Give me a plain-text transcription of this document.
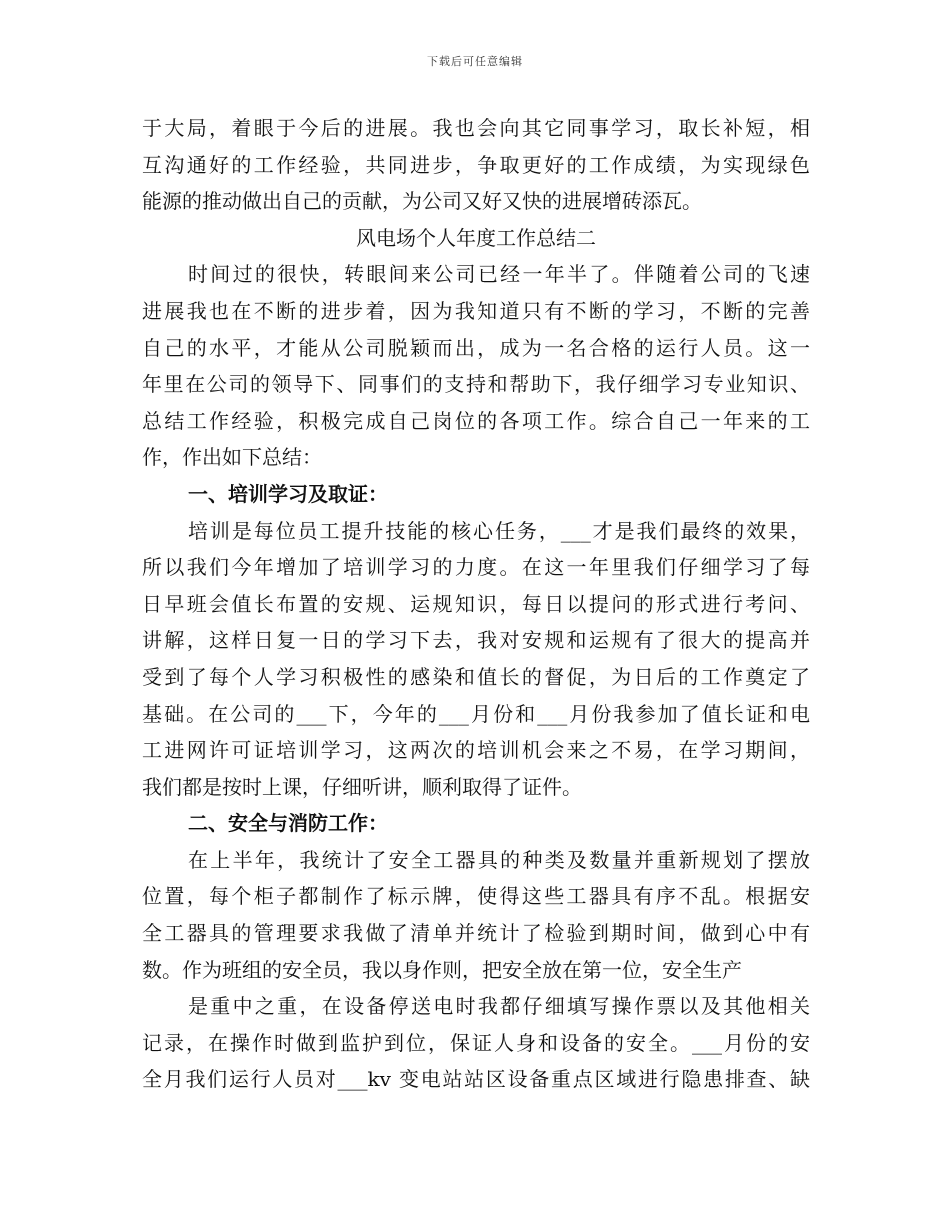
下载后可任意编辑
于大局，着眼于今后的进展。我也会向其它同事学习，取长补短，相
互沟通好的工作经验，共同进步，争取更好的工作成绩，为实现绿色
能源的推动做出自己的贡献，为公司又好又快的进展增砖添瓦。
风电场个人年度工作总结二
时间过的很快，转眼间来公司已经一年半了。伴随着公司的飞速
进展我也在不断的进步着，因为我知道只有不断的学习，不断的完善
自己的水平，才能从公司脱颖而出，成为一名合格的运行人员。这一
年里在公司的领导下、同事们的支持和帮助下，我仔细学习专业知识、
总结工作经验，积极完成自己岗位的各项工作。综合自己一年来的工
作，作出如下总结：
一、培训学习及取证：
培训是每位员工提升技能的核心任务，___才是我们最终的效果，
所以我们今年增加了培训学习的力度。在这一年里我们仔细学习了每
日早班会值长布置的安规、运规知识，每日以提问的形式进行考问、
讲解，这样日复一日的学习下去，我对安规和运规有了很大的提高并
受到了每个人学习积极性的感染和值长的督促，为日后的工作奠定了
基础。在公司的___下，今年的___月份和___月份我参加了值长证和电
工进网许可证培训学习，这两次的培训机会来之不易，在学习期间，
我们都是按时上课，仔细听讲，顺利取得了证件。
二、安全与消防工作：
在上半年，我统计了安全工器具的种类及数量并重新规划了摆放
位置，每个柜子都制作了标示牌，使得这些工器具有序不乱。根据安
全工器具的管理要求我做了清单并统计了检验到期时间，做到心中有
数。作为班组的安全员，我以身作则，把安全放在第一位，安全生产
是重中之重，在设备停送电时我都仔细填写操作票以及其他相关
记录，在操作时做到监护到位，保证人身和设备的安全。___月份的安
全月我们运行人员对___kv 变电站站区设备重点区域进行隐患排查、缺
